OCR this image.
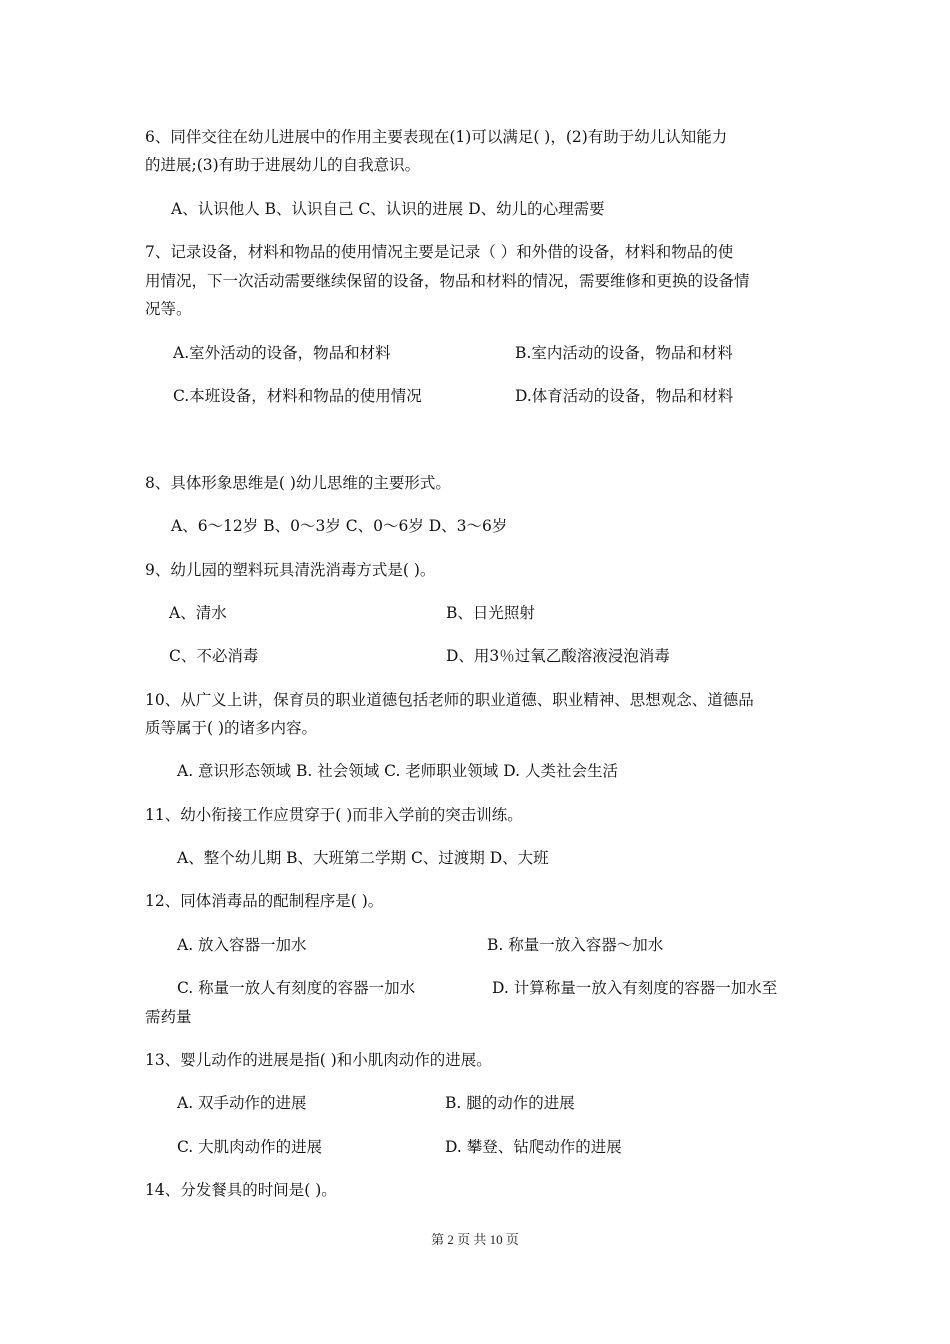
6、同伴交往在幼儿进展中的作用主要表现在(1)可以满足( )，(2)有助于幼儿认知能力
的进展;(3)有助于进展幼儿的自我意识。
A、认识他人 B、认识自己 C、认识的进展 D、幼儿的心理需要
7、记录设备，材料和物品的使用情况主要是记录（ ）和外借的设备，材料和物品的使
用情况，下一次活动需要继续保留的设备，物品和材料的情况，需要维修和更换的设备情
况等。
A.室外活动的设备，物品和材料	B.室内活动的设备，物品和材料
C.本班设备，材料和物品的使用情况	D.体育活动的设备，物品和材料
8、具体形象思维是( )幼儿思维的主要形式。
A、6～12岁 B、0～3岁 C、0～6岁 D、3～6岁
9、幼儿园的塑料玩具清洗消毒方式是( )。
A、清水	B、日光照射
C、不必消毒	D、用3％过氧乙酸溶液浸泡消毒
10、从广义上讲，保育员的职业道德包括老师的职业道德、职业精神、思想观念、道德品
质等属于( )的诸多内容。
A. 意识形态领域 B. 社会领域 C. 老师职业领域 D. 人类社会生活
11、幼小衔接工作应贯穿于( )而非入学前的突击训练。
A、整个幼儿期 B、大班第二学期 C、过渡期 D、大班
12、同体消毒品的配制程序是( )。
A. 放入容器一加水	B. 称量一放入容器～加水
C. 称量一放人有刻度的容器一加水	D. 计算称量一放入有刻度的容器一加水至
需药量
13、婴儿动作的进展是指( )和小肌肉动作的进展。
A. 双手动作的进展	B. 腿的动作的进展
C. 大肌肉动作的进展	D. 攀登、钻爬动作的进展
14、分发餐具的时间是( )。
第 2 页 共 10 页
